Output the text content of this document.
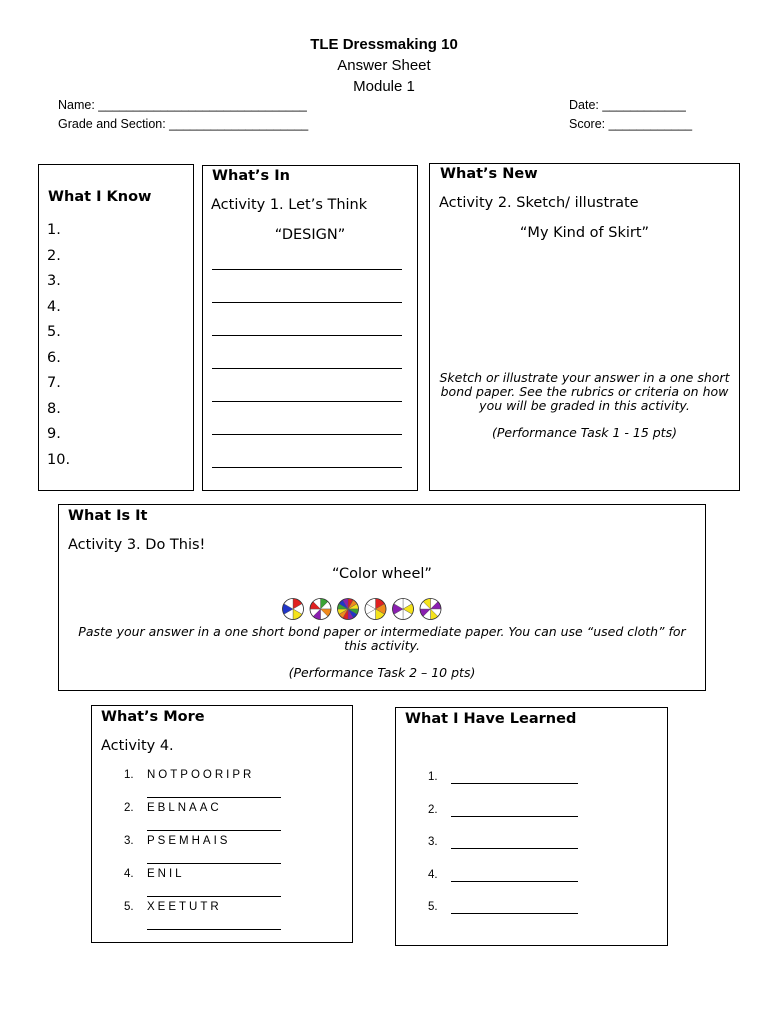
TLE Dressmaking 10
Answer Sheet
Module 1
Name: ______________________________
Grade and Section: ____________________
Date: ____________
Score: ____________
What I Know
What’s In
Activity 1. Let’s Think
“DESIGN”
What’s New
Activity 2. Sketch/ illustrate
“My Kind of Skirt”
Sketch or illustrate your answer in a one short bond paper. See the rubrics or criteria on how you will be graded in this activity.
(Performance Task 1 - 15 pts)
What Is It
Activity 3. Do This!
“Color wheel”
Paste your answer in a one short bond paper or intermediate paper. You can use “used cloth” for this activity.
(Performance Task 2 – 10 pts)
What’s More
Activity 4.
What I Have Learned
1.
2.
3.
4.
5.
6.
7.
8.
9.
10.
1. NOTPOORIPR
2. EBLNAAC
3. PSEMHAIS
4. ENIL
5. XEETUTR
1.
2.
3.
4.
5.
